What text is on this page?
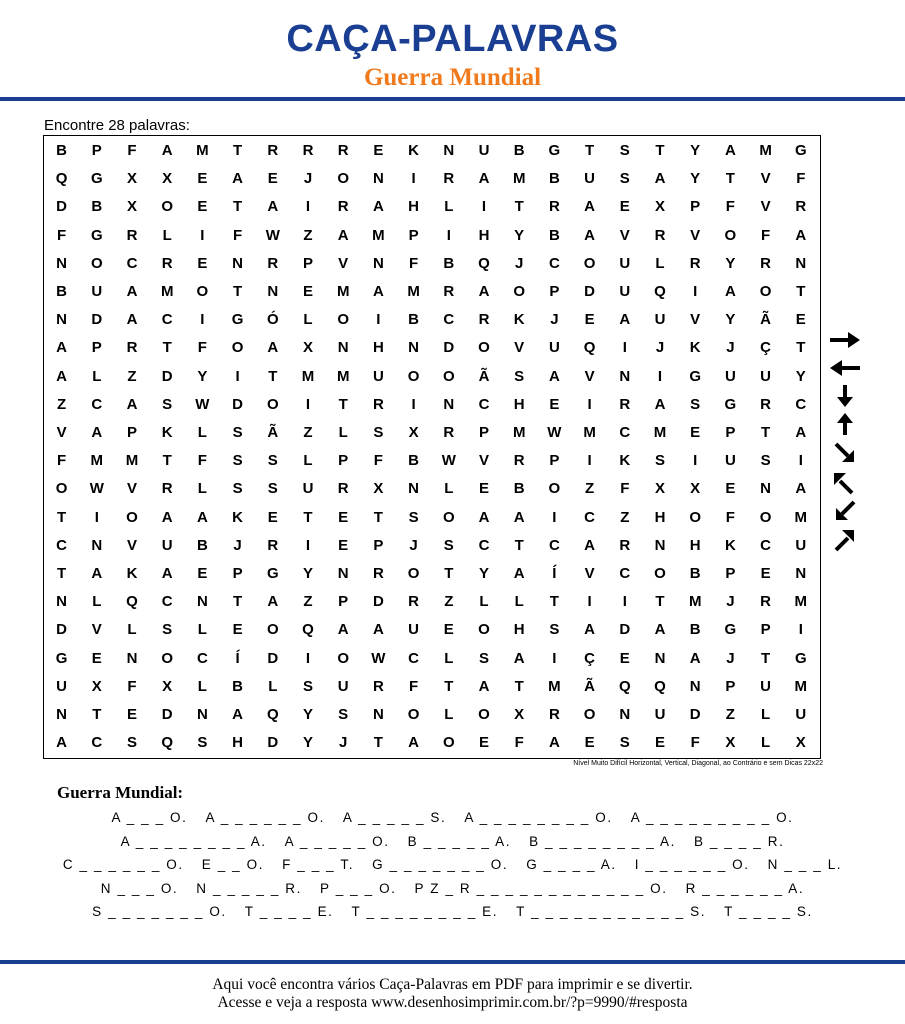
CAÇA-PALAVRAS
Guerra Mundial
Encontre 28 palavras:
B	P	F	A	M	T	R	R	R	E	K	N	U	B	G	T	S	T	Y	A	M	G
Q	G	X	X	E	A	E	J	O	N	I	R	A	M	B	U	S	A	Y	T	V	F
D	B	X	O	E	T	A	I	R	A	H	L	I	T	R	A	E	X	P	F	V	R
F	G	R	L	I	F	W	Z	A	M	P	I	H	Y	B	A	V	R	V	O	F	A
N	O	C	R	E	N	R	P	V	N	F	B	Q	J	C	O	U	L	R	Y	R	N
B	U	A	M	O	T	N	E	M	A	M	R	A	O	P	D	U	Q	I	A	O	T
N	D	A	C	I	G	Ó	L	O	I	B	C	R	K	J	E	A	U	V	Y	Ã	E
A	P	R	T	F	O	A	X	N	H	N	D	O	V	U	Q	I	J	K	J	Ç	T
A	L	Z	D	Y	I	T	M	M	U	O	O	Ã	S	A	V	N	I	G	U	U	Y
Z	C	A	S	W	D	O	I	T	R	I	N	C	H	E	I	R	A	S	G	R	C
V	A	P	K	L	S	Ã	Z	L	S	X	R	P	M	W	M	C	M	E	P	T	A
F	M	M	T	F	S	S	L	P	F	B	W	V	R	P	I	K	S	I	U	S	I
O	W	V	R	L	S	S	U	R	X	N	L	E	B	O	Z	F	X	X	E	N	A
T	I	O	A	A	K	E	T	E	T	S	O	A	A	I	C	Z	H	O	F	O	M
C	N	V	U	B	J	R	I	E	P	J	S	C	T	C	A	R	N	H	K	C	U
T	A	K	A	E	P	G	Y	N	R	O	T	Y	A	Í	V	C	O	B	P	E	N
N	L	Q	C	N	T	A	Z	P	D	R	Z	L	L	T	I	I	T	M	J	R	M
D	V	L	S	L	E	O	Q	A	A	U	E	O	H	S	A	D	A	B	G	P	I
G	E	N	O	C	Í	D	I	O	W	C	L	S	A	I	Ç	E	N	A	J	T	G
U	X	F	X	L	B	L	S	U	R	F	T	A	T	M	Ã	Q	Q	N	P	U	M
N	T	E	D	N	A	Q	Y	S	N	O	L	O	X	R	O	N	U	D	Z	L	U
A	C	S	Q	S	H	D	Y	J	T	A	O	E	F	A	E	S	E	F	X	L	X
Nível Muito Difícil Horizontal, Vertical, Diagonal, ao Contrário e sem Dicas 22x22
Guerra Mundial:
A _ _ _ O. A _ _ _ _ _ _ O. A _ _ _ _ _ S. A _ _ _ _ _ _ _ _ O. A _ _ _ _ _ _ _ _ _ O.
A _ _ _ _ _ _ _ _ A. A _ _ _ _ _ O. B _ _ _ _ _ A. B _ _ _ _ _ _ _ _ A. B _ _ _ _ R.
C _ _ _ _ _ _ O. E _ _ O. F _ _ _ T. G _ _ _ _ _ _ _ O. G _ _ _ _ A. I _ _ _ _ _ _ O. N _ _ _ L.
N _ _ _ O. N _ _ _ _ _ R. P _ _ _ O. P Z _ R _ _ _ _ _ _ _ _ _ _ _ _ O. R _ _ _ _ _ _ A.
S _ _ _ _ _ _ _ O. T _ _ _ _ E. T _ _ _ _ _ _ _ _ E. T _ _ _ _ _ _ _ _ _ _ _ S. T _ _ _ _ S.
Aqui você encontra vários Caça-Palavras em PDF para imprimir e se divertir.
Acesse e veja a resposta www.desenhosimprimir.com.br/?p=9990/#resposta
